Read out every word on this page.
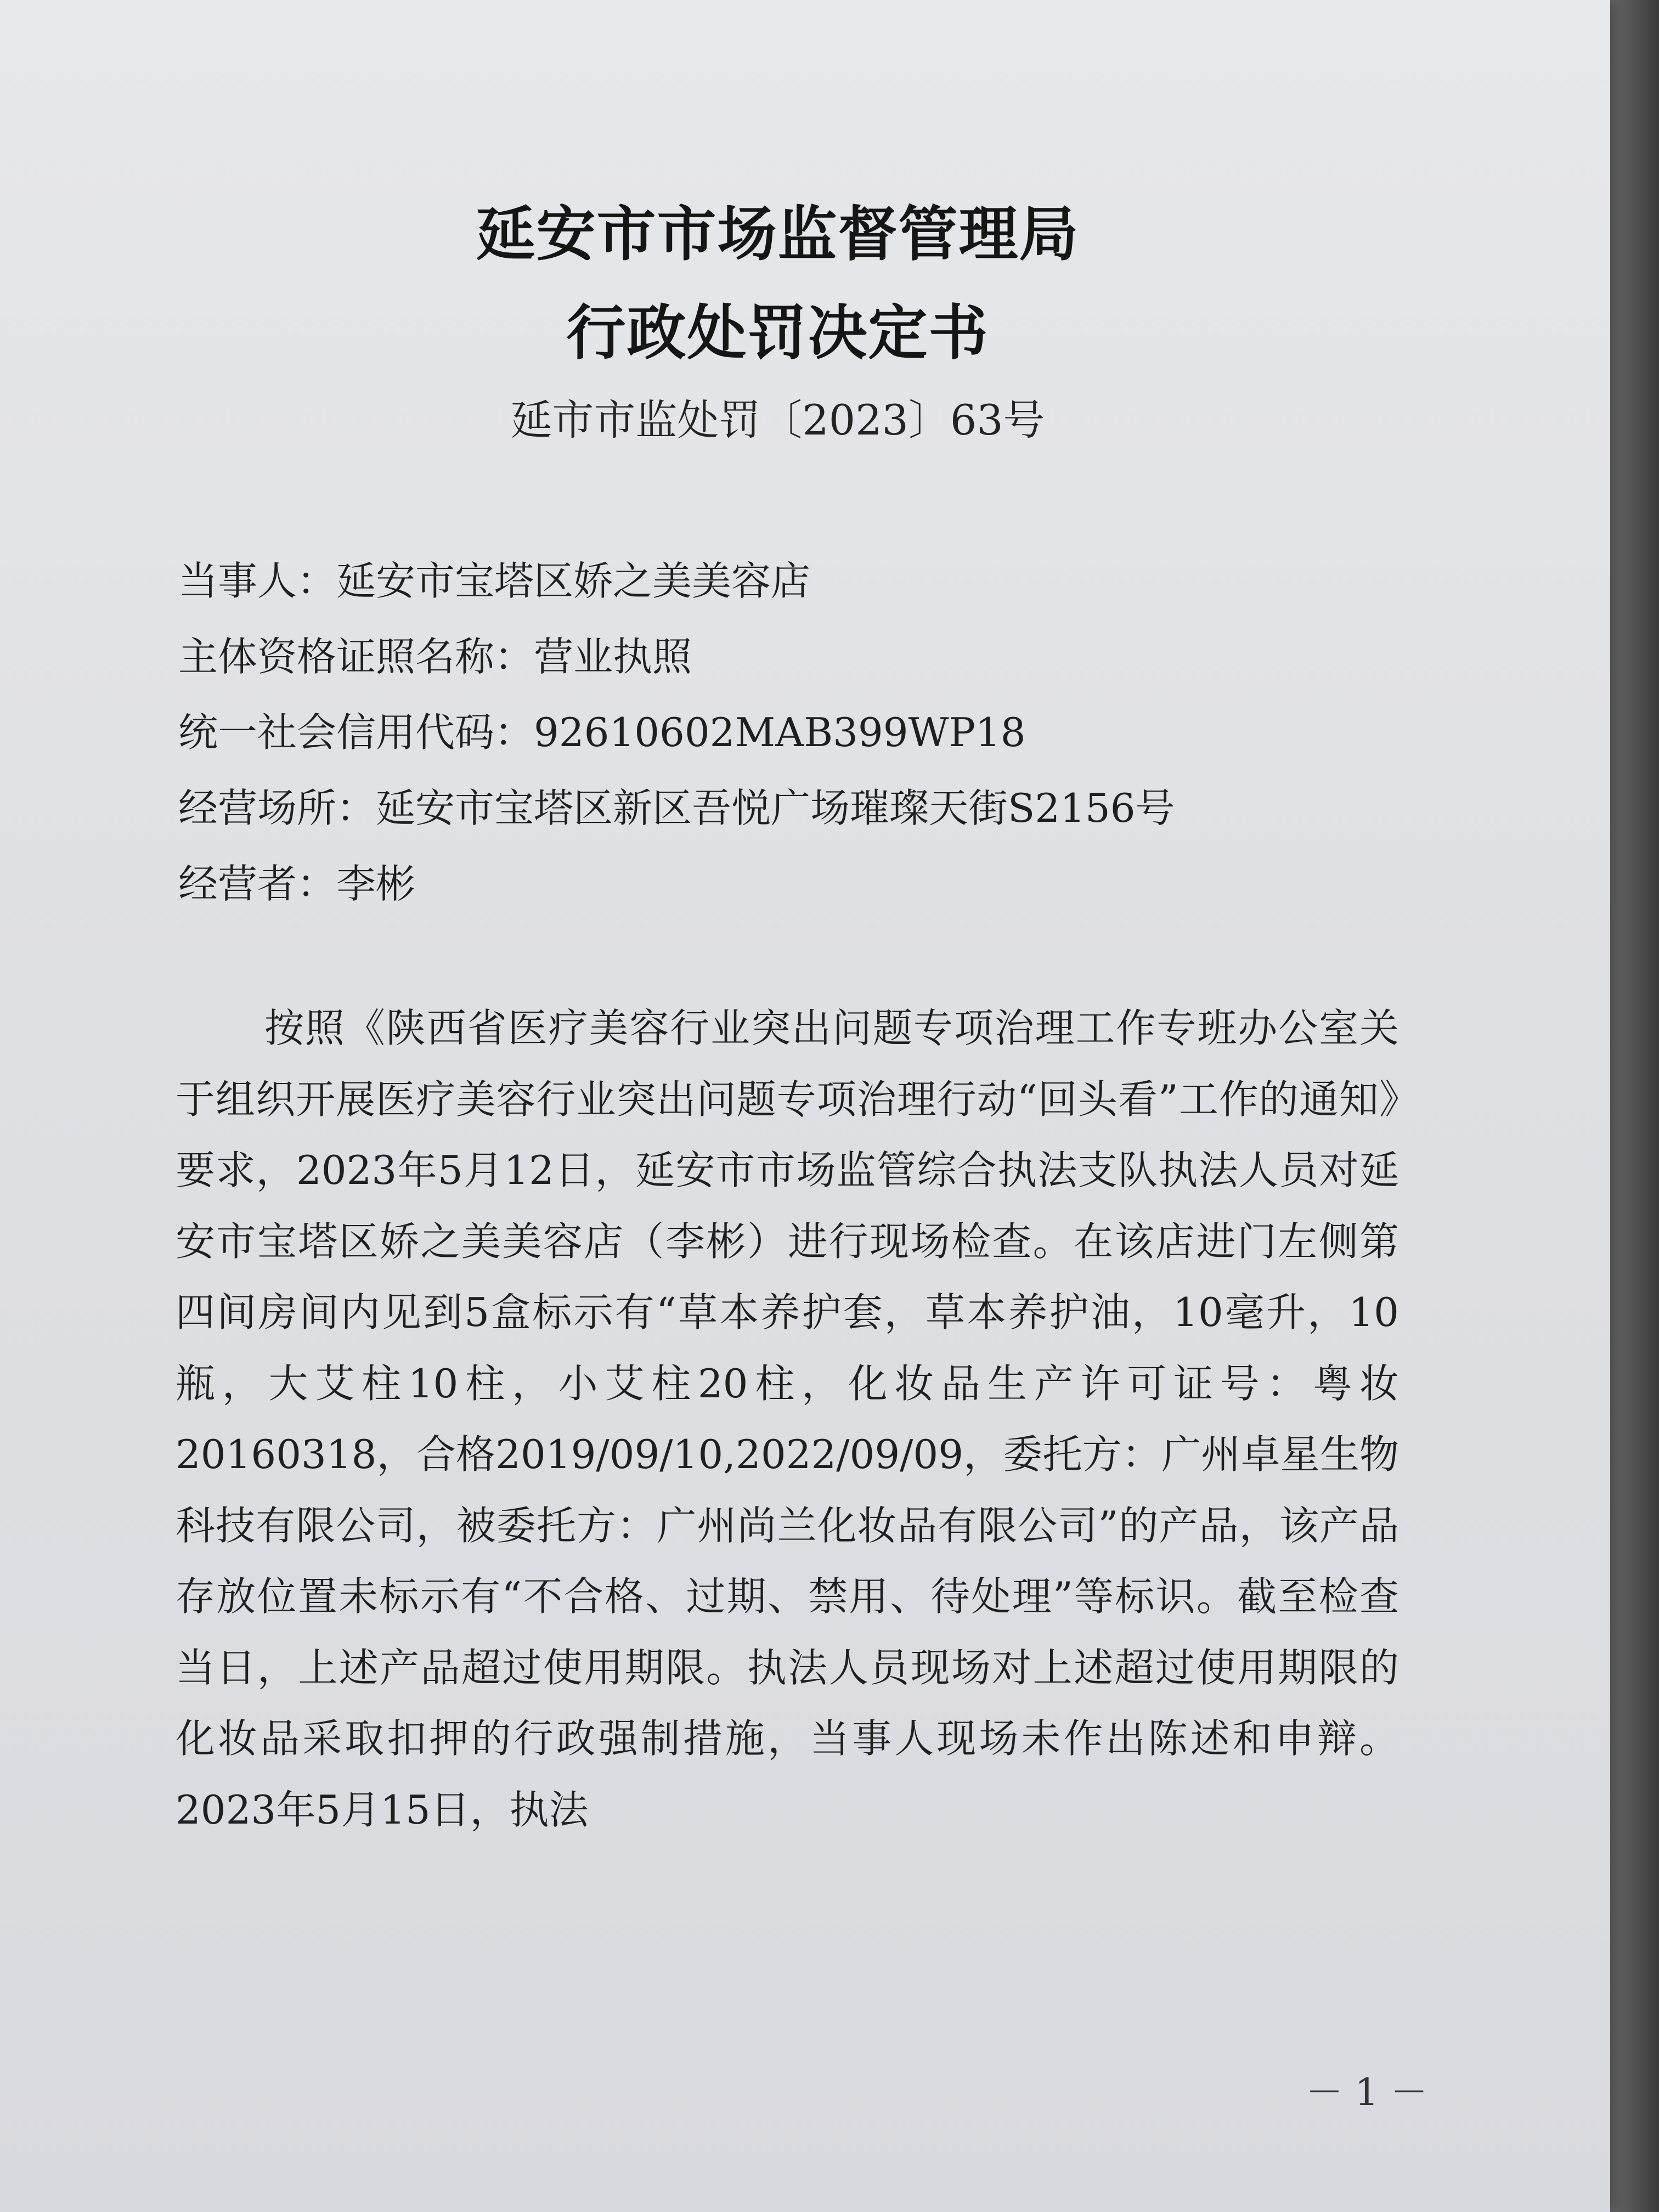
延安市市场监督管理局
行政处罚决定书

延市市监处罚〔2023〕63号

当事人：延安市宝塔区娇之美美容店
主体资格证照名称：营业执照
统一社会信用代码：92610602MAB399WP18
经营场所：延安市宝塔区新区吾悦广场璀璨天街S2156号
经营者：李彬

按照《陕西省医疗美容行业突出问题专项治理工作专班办公室关于组织开展医疗美容行业突出问题专项治理行动“回头看”工作的通知》要求，2023年5月12日，延安市市场监管综合执法支队执法人员对延安市宝塔区娇之美美容店（李彬）进行现场检查。在该店进门左侧第四间房间内见到5盒标示有“草本养护套，草本养护油，10毫升，10瓶，大艾柱10柱，小艾柱20柱，化妆品生产许可证号：粤妆20160318，合格2019/09/10,2022/09/09，委托方：广州卓星生物科技有限公司，被委托方：广州尚兰化妆品有限公司”的产品，该产品存放位置未标示有“不合格、过期、禁用、待处理”等标识。截至检查当日，上述产品超过使用期限。执法人员现场对上述超过使用期限的化妆品采取扣押的行政强制措施，当事人现场未作出陈述和申辩。2023年5月15日，执法

－ 1 －
